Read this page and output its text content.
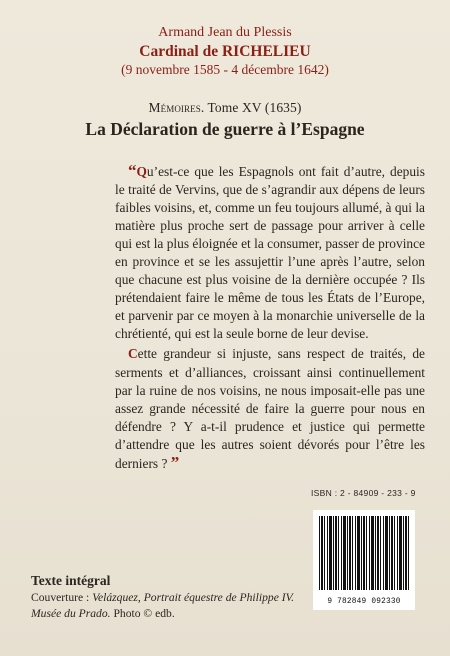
Armand Jean du Plessis
Cardinal de RICHELIEU
(9 novembre 1585 - 4 décembre 1642)
Mémoires. Tome XV (1635)
La Déclaration de guerre à l’Espagne

“Qu’est-ce que les Espagnols ont fait d’autre, depuis le traité de Vervins, que de s’agrandir aux dépens de leurs faibles voisins, et, comme un feu toujours allumé, à qui la matière plus proche sert de passage pour arriver à celle qui est la plus éloignée et la consumer, passer de province en province et se les assujettir l’une après l’autre, selon que chacune est plus voisine de la dernière occupée ? Ils prétendaient faire le même de tous les États de l’Europe, et parvenir par ce moyen à la monarchie universelle de la chrétienté, qui est la seule borne de leur devise.

Cette grandeur si injuste, sans respect de traités, de serments et d’alliances, croissant ainsi continuellement par la ruine de nos voisins, ne nous imposait-elle pas une assez grande nécessité de faire la guerre pour nous en défendre ? Y a-t-il prudence et justice qui permette d’attendre que les autres soient dévorés pour l’être les derniers ? ”

ISBN : 2 - 84909 - 233 - 9
9 782849 092330
Texte intégral
Couverture : Velázquez, Portrait équestre de Philippe IV.
Musée du Prado. Photo © edb.
